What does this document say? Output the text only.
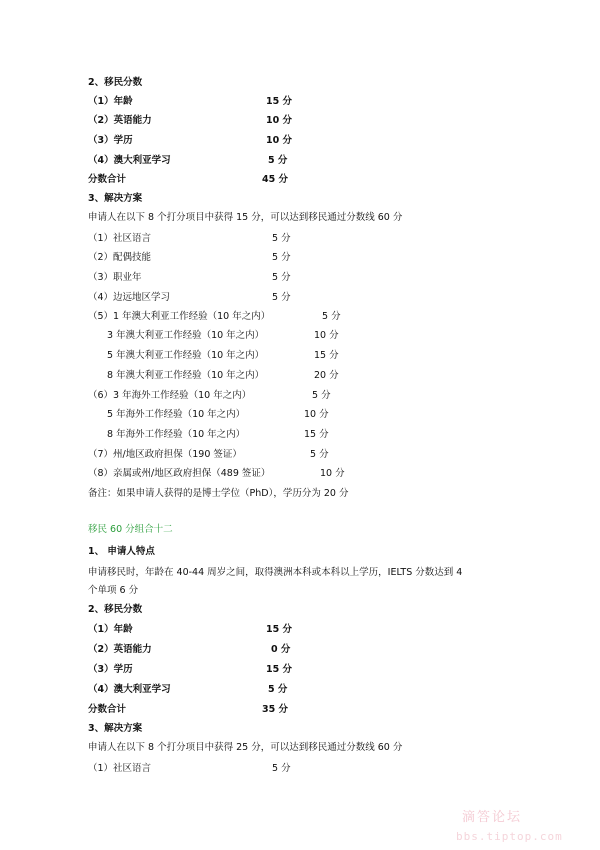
2、移民分数
（1）年龄	15 分
（2）英语能力	10 分
（3）学历	10 分
（4）澳大利亚学习	5 分
分数合计	45 分
3、解决方案
申请人在以下 8 个打分项目中获得 15 分，可以达到移民通过分数线 60 分
（1）社区语言	5 分
（2）配偶技能	5 分
（3）职业年	5 分
（4）边远地区学习	5 分
（5）1 年澳大利亚工作经验（10 年之内）	5 分
3 年澳大利亚工作经验（10 年之内）	10 分
5 年澳大利亚工作经验（10 年之内）	15 分
8 年澳大利亚工作经验（10 年之内）	20 分
（6）3 年海外工作经验（10 年之内）	5 分
5 年海外工作经验（10 年之内）	10 分
8 年海外工作经验（10 年之内）	15 分
（7）州/地区政府担保（190 签证）	5 分
（8）亲属或州/地区政府担保（489 签证）	10 分
备注：如果申请人获得的是博士学位（PhD），学历分为 20 分
移民 60 分组合十二
1、 申请人特点
申请移民时，年龄在 40-44 周岁之间，取得澳洲本科或本科以上学历，IELTS 分数达到 4
个单项 6 分
2、移民分数
（1）年龄	15 分
（2）英语能力	0 分
（3）学历	15 分
（4）澳大利亚学习	5 分
分数合计	35 分
3、解决方案
申请人在以下 8 个打分项目中获得 25 分，可以达到移民通过分数线 60 分
（1）社区语言	5 分
滴答论坛
bbs.tiptop.com
